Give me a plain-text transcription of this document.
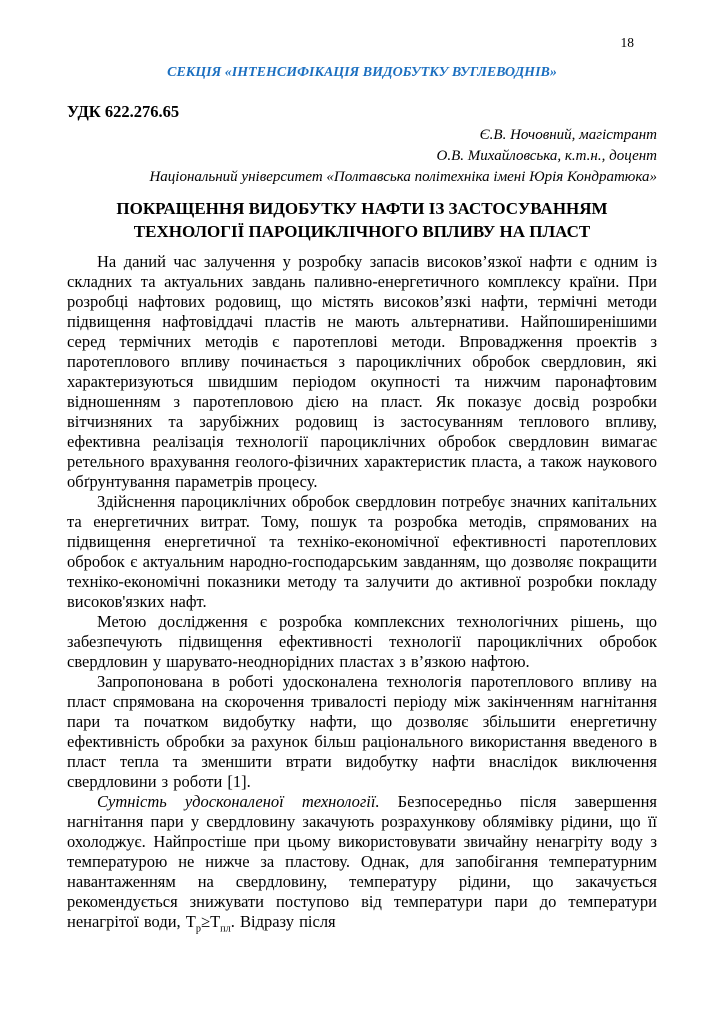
18
СЕКЦІЯ «ІНТЕНСИФІКАЦІЯ ВИДОБУТКУ ВУГЛЕВОДНІВ»
УДК 622.276.65
Є.В. Ночовний, магістрант
О.В. Михайловська, к.т.н., доцент
Національний університет «Полтавська політехніка імені Юрія Кондратюка»
ПОКРАЩЕННЯ ВИДОБУТКУ НАФТИ ІЗ ЗАСТОСУВАННЯМ
ТЕХНОЛОГІЇ ПАРОЦИКЛІЧНОГО ВПЛИВУ НА ПЛАСТ

На даний час залучення у розробку запасів високов’язкої нафти є одним із складних та актуальних завдань паливно-енергетичного комплексу країни. При розробці нафтових родовищ, що містять високов’язкі нафти, термічні методи підвищення нафтовіддачі пластів не мають альтернативи. Найпоширенішими серед термічних методів є паротеплові методи. Впровадження проектів з паротеплового впливу починається з пароциклічних обробок свердловин, які характеризуються швидшим періодом окупності та нижчим паронафтовим відношенням з паротепловою дією на пласт. Як показує досвід розробки вітчизняних та зарубіжних родовищ із застосуванням теплового впливу, ефективна реалізація технології пароциклічних обробок свердловин вимагає ретельного врахування геолого-фізичних характеристик пласта, а також наукового обґрунтування параметрів процесу.

Здійснення пароциклічних обробок свердловин потребує значних капітальних та енергетичних витрат. Тому, пошук та розробка методів, спрямованих на підвищення енергетичної та техніко-економічної ефективності паротеплових обробок є актуальним народно-господарським завданням, що дозволяє покращити техніко-економічні показники методу та залучити до активної розробки покладу високов'язких нафт.

Метою дослідження є розробка комплексних технологічних рішень, що забезпечують підвищення ефективності технології пароциклічних обробок свердловин у шарувато-неоднорідних пластах з в’язкою нафтою.

Запропонована в роботі удосконалена технологія паротеплового впливу на пласт спрямована на скорочення тривалості періоду між закінченням нагнітання пари та початком видобутку нафти, що дозволяє збільшити енергетичну ефективність обробки за рахунок більш раціонального використання введеного в пласт тепла та зменшити втрати видобутку нафти внаслідок виключення свердловини з роботи [1].

Сутність удосконаленої технології. Безпосередньо після завершення нагнітання пари у свердловину закачують розрахункову облямівку рідини, що її охолоджує. Найпростіше при цьому використовувати звичайну ненагріту воду з температурою не нижче за пластову. Однак, для запобігання температурним навантаженням на свердловину, температуру рідини, що закачується рекомендується знижувати поступово від температури пари до температури ненагрітої води, $Т_р\ge Т_{пл}$. Відразу після
